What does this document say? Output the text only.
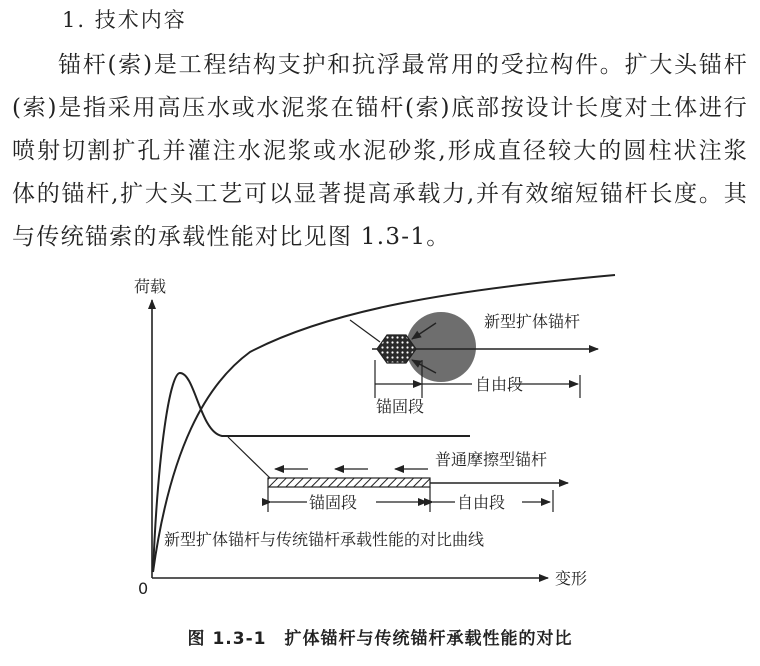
1. 技术内容

锚杆(索)是工程结构支护和抗浮最常用的受拉构件。扩大头锚杆(索)是指采用高压水或水泥浆在锚杆(索)底部按设计长度对土体进行喷射切割扩孔并灌注水泥浆或水泥砂浆,形成直径较大的圆柱状注浆体的锚杆,扩大头工艺可以显著提高承载力,并有效缩短锚杆长度。其与传统锚索的承载性能对比见图 1.3-1。

荷载
变形
0
新型扩体锚杆
自由段
锚固段
普通摩擦型锚杆
锚固段	自由段
新型扩体锚杆与传统锚杆承载性能的对比曲线
图 1.3-1　扩体锚杆与传统锚杆承载性能的对比
